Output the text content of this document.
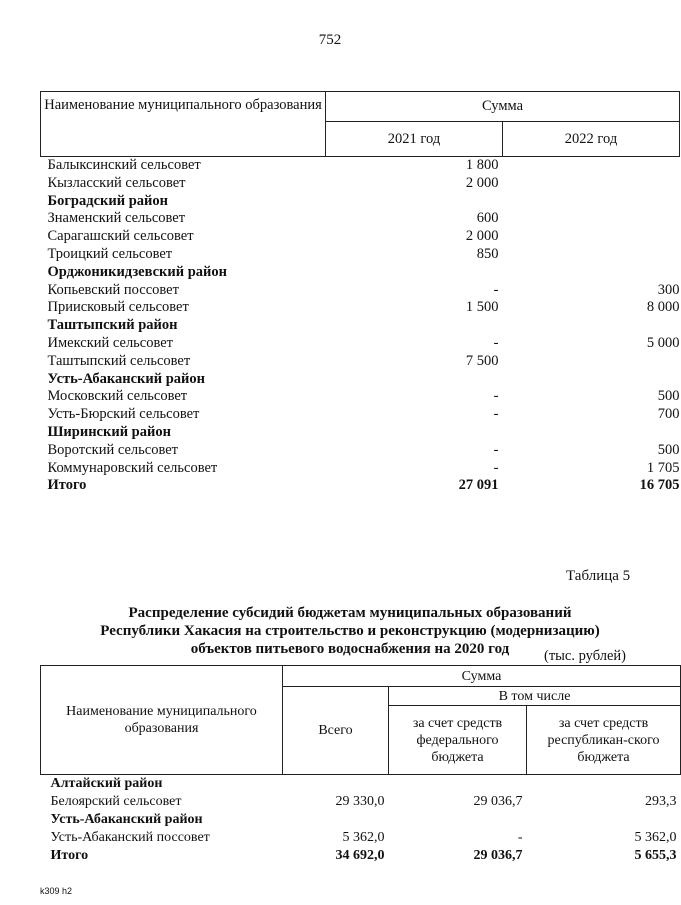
752
Наименование муниципального образования	Сумма	
	2021 год	2022 год
Балыксинский сельсовет	1 800	
Кызласский сельсовет	2 000	
Боградский район		
Знаменский сельсовет	600	
Сарагашский сельсовет	2 000	
Троицкий сельсовет	850	
Орджоникидзевский район		
Копьевский поссовет	-	300
Приисковый сельсовет	1 500	8 000
Таштыпский район		
Имекский сельсовет	-	5 000
Таштыпский сельсовет	7 500	
Усть-Абаканский район		
Московский сельсовет	-	500
Усть-Бюрский сельсовет	-	700
Ширинский район		
Воротский сельсовет	-	500
Коммунаровский сельсовет	-	1 705
Итого	27 091	16 705
Таблица 5
Распределение субсидий бюджетам муниципальных образований
Республики Хакасия на строительство и реконструкцию (модернизацию)
объектов питьевого водоснабжения на 2020 год	(тыс. рублей)
Наименование муниципального образования	Сумма		
	Всего	В том числе	
		за счет средств федерального бюджета	за счет средств республикан-ского бюджета
Алтайский район			
Белоярский сельсовет	29 330,0	29 036,7	293,3
Усть-Абаканский район			
Усть-Абаканский поссовет	5 362,0	-	5 362,0
Итого	34 692,0	29 036,7	5 655,3
k309 h2
